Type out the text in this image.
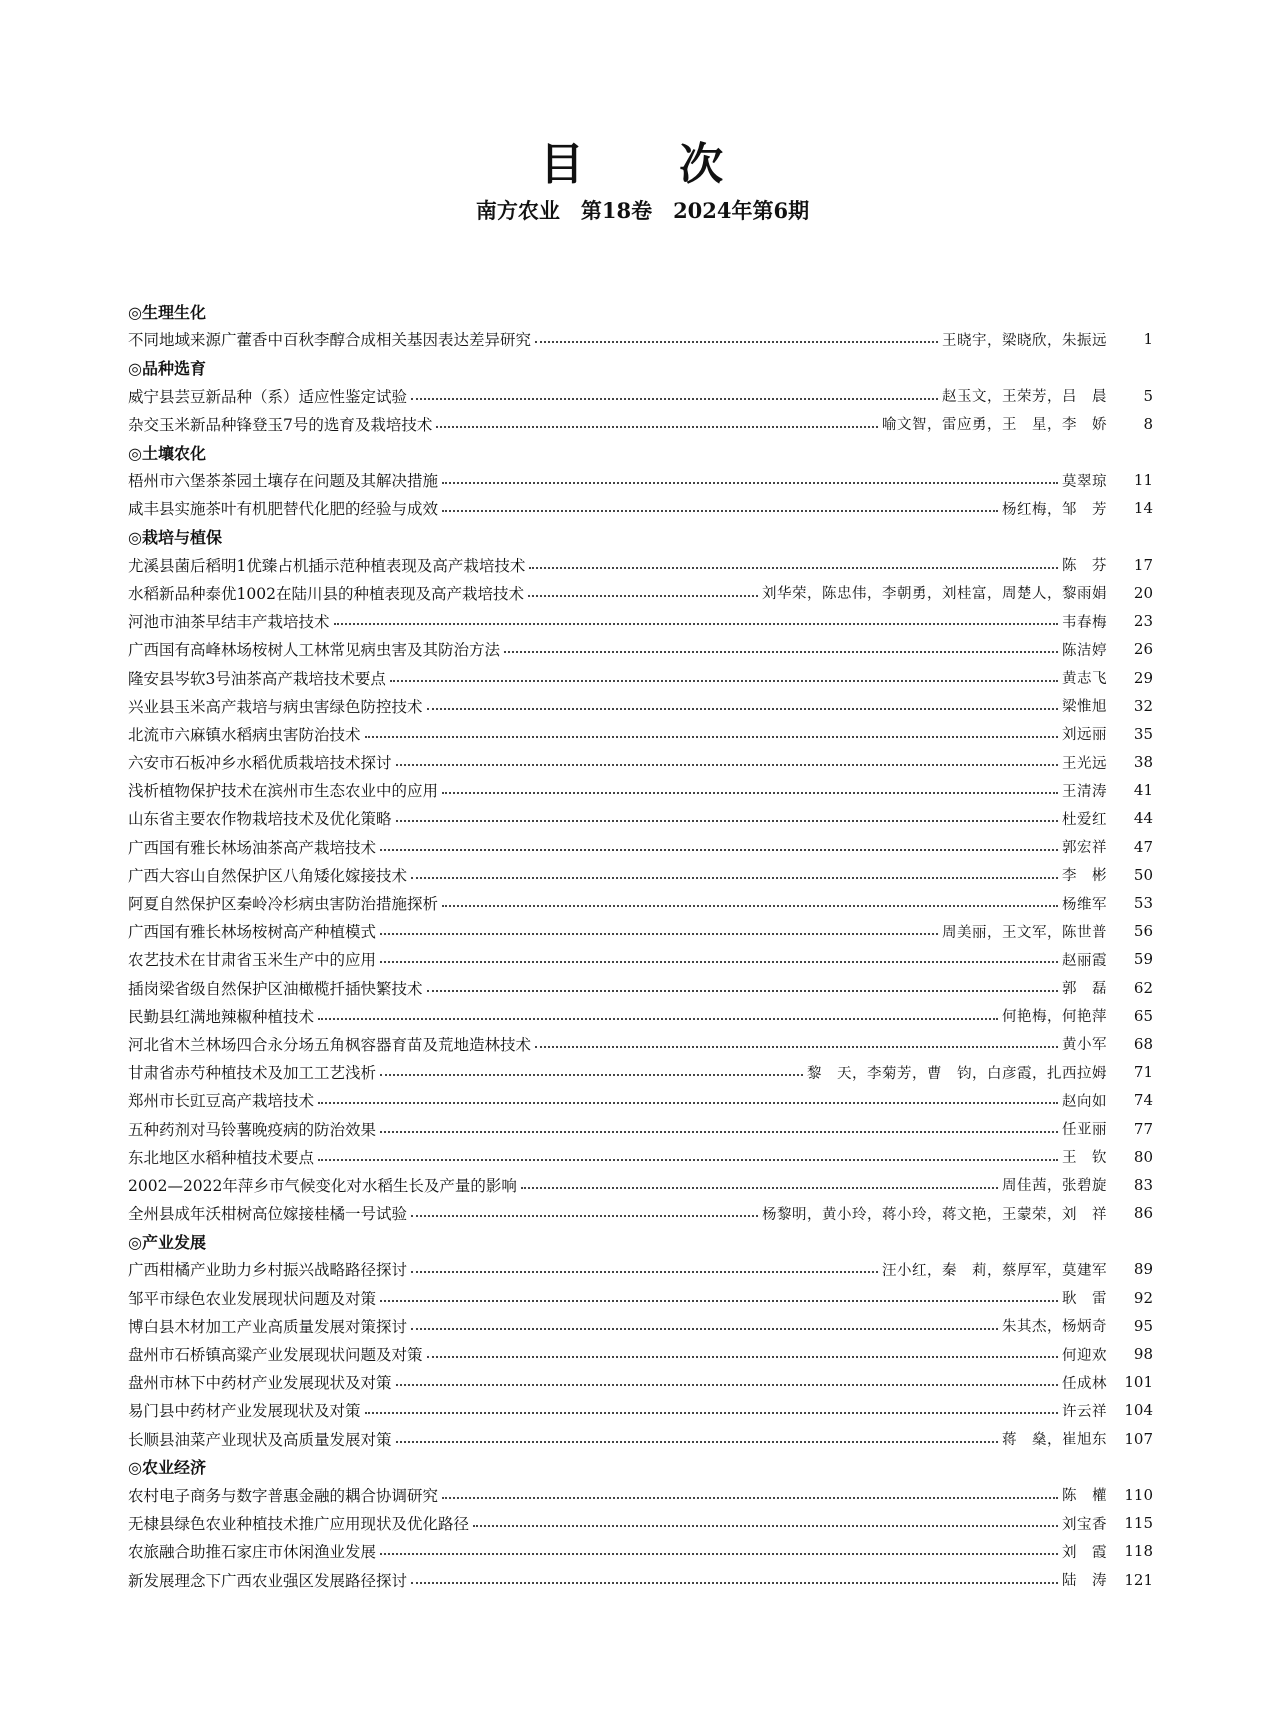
目 次
南方农业　第18卷　2024年第6期
◎生理生化
不同地域来源广藿香中百秋李醇合成相关基因表达差异研究	王晓宇，梁晓欣，朱振远	1
◎品种选育
威宁县芸豆新品种（系）适应性鉴定试验	赵玉文，王荣芳，吕　晨	5
杂交玉米新品种锋登玉7号的选育及栽培技术	喻文智，雷应勇，王　星，李　娇	8
◎土壤农化
梧州市六堡茶茶园土壤存在问题及其解决措施	莫翠琼	11
咸丰县实施茶叶有机肥替代化肥的经验与成效	杨红梅，邹　芳	14
◎栽培与植保
尤溪县菌后稻明1优臻占机插示范种植表现及高产栽培技术	陈　芬	17
水稻新品种泰优1002在陆川县的种植表现及高产栽培技术	刘华荣，陈忠伟，李朝勇，刘桂富，周楚人，黎雨娟	20
河池市油茶早结丰产栽培技术	韦春梅	23
广西国有高峰林场桉树人工林常见病虫害及其防治方法	陈洁婷	26
隆安县岑软3号油茶高产栽培技术要点	黄志飞	29
兴业县玉米高产栽培与病虫害绿色防控技术	梁惟旭	32
北流市六麻镇水稻病虫害防治技术	刘远丽	35
六安市石板冲乡水稻优质栽培技术探讨	王光远	38
浅析植物保护技术在滨州市生态农业中的应用	王清涛	41
山东省主要农作物栽培技术及优化策略	杜爱红	44
广西国有雅长林场油茶高产栽培技术	郭宏祥	47
广西大容山自然保护区八角矮化嫁接技术	李　彬	50
阿夏自然保护区秦岭冷杉病虫害防治措施探析	杨维军	53
广西国有雅长林场桉树高产种植模式	周美丽，王文军，陈世普	56
农艺技术在甘肃省玉米生产中的应用	赵丽霞	59
插岗梁省级自然保护区油橄榄扦插快繁技术	郭　磊	62
民勤县红满地辣椒种植技术	何艳梅，何艳萍	65
河北省木兰林场四合永分场五角枫容器育苗及荒地造林技术	黄小军	68
甘肃省赤芍种植技术及加工工艺浅析	黎　天，李菊芳，曹　钧，白彦霞，扎西拉姆	71
郑州市长豇豆高产栽培技术	赵向如	74
五种药剂对马铃薯晚疫病的防治效果	任亚丽	77
东北地区水稻种植技术要点	王　钦	80
2002—2022年萍乡市气候变化对水稻生长及产量的影响	周佳茜，张碧旋	83
全州县成年沃柑树高位嫁接桂橘一号试验	杨黎明，黄小玲，蒋小玲，蒋文艳，王蒙荣，刘　祥	86
◎产业发展
广西柑橘产业助力乡村振兴战略路径探讨	汪小红，秦　莉，蔡厚军，莫建军	89
邹平市绿色农业发展现状问题及对策	耿　雷	92
博白县木材加工产业高质量发展对策探讨	朱其杰，杨炳奇	95
盘州市石桥镇高粱产业发展现状问题及对策	何迎欢	98
盘州市林下中药材产业发展现状及对策	任成林	101
易门县中药材产业发展现状及对策	许云祥	104
长顺县油菜产业现状及高质量发展对策	蒋　燊，崔旭东	107
◎农业经济
农村电子商务与数字普惠金融的耦合协调研究	陈　權	110
无棣县绿色农业种植技术推广应用现状及优化路径	刘宝香	115
农旅融合助推石家庄市休闲渔业发展	刘　霞	118
新发展理念下广西农业强区发展路径探讨	陆　涛	121
